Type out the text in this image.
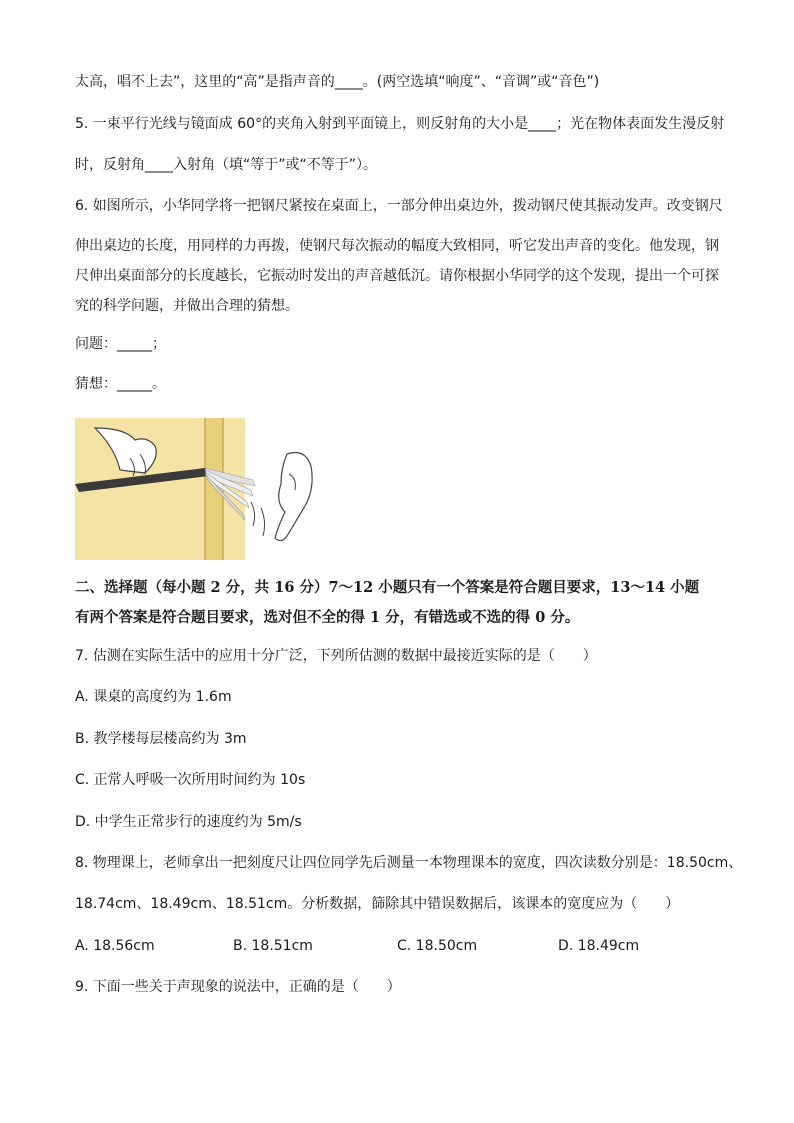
太高，唱不上去”，这里的“高”是指声音的____。(两空选填“响度”、“音调”或“音色”)
5. 一束平行光线与镜面成 60°的夹角入射到平面镜上，则反射角的大小是____；光在物体表面发生漫反射
时，反射角____入射角（填“等于”或“不等于”）。
6. 如图所示，小华同学将一把钢尺紧按在桌面上，一部分伸出桌边外，拨动钢尺使其振动发声。改变钢尺
伸出桌边的长度，用同样的力再拨，使钢尺每次振动的幅度大致相同，听它发出声音的变化。他发现，钢
尺伸出桌面部分的长度越长，它振动时发出的声音越低沉。请你根据小华同学的这个发现，提出一个可探
究的科学问题，并做出合理的猜想。
问题：_____；
猜想：_____。
二、选择题（每小题 2 分，共 16 分）7～12 小题只有一个答案是符合题目要求，13～14 小题
有两个答案是符合题目要求，选对但不全的得 1 分，有错选或不选的得 0 分。
7. 估测在实际生活中的应用十分广泛，下列所估测的数据中最接近实际的是（　　）
A. 课桌的高度约为 1.6m
B. 教学楼每层楼高约为 3m
C. 正常人呼吸一次所用时间约为 10s
D. 中学生正常步行的速度约为 5m/s
8. 物理课上，老师拿出一把刻度尺让四位同学先后测量一本物理课本的宽度，四次读数分别是：18.50cm、
18.74cm、18.49cm、18.51cm。分析数据，篩除其中错误数据后，该课本的宽度应为（　　）
A. 18.56cm	B. 18.51cm	C. 18.50cm	D. 18.49cm
9. 下面一些关于声现象的说法中，正确的是（　　）
